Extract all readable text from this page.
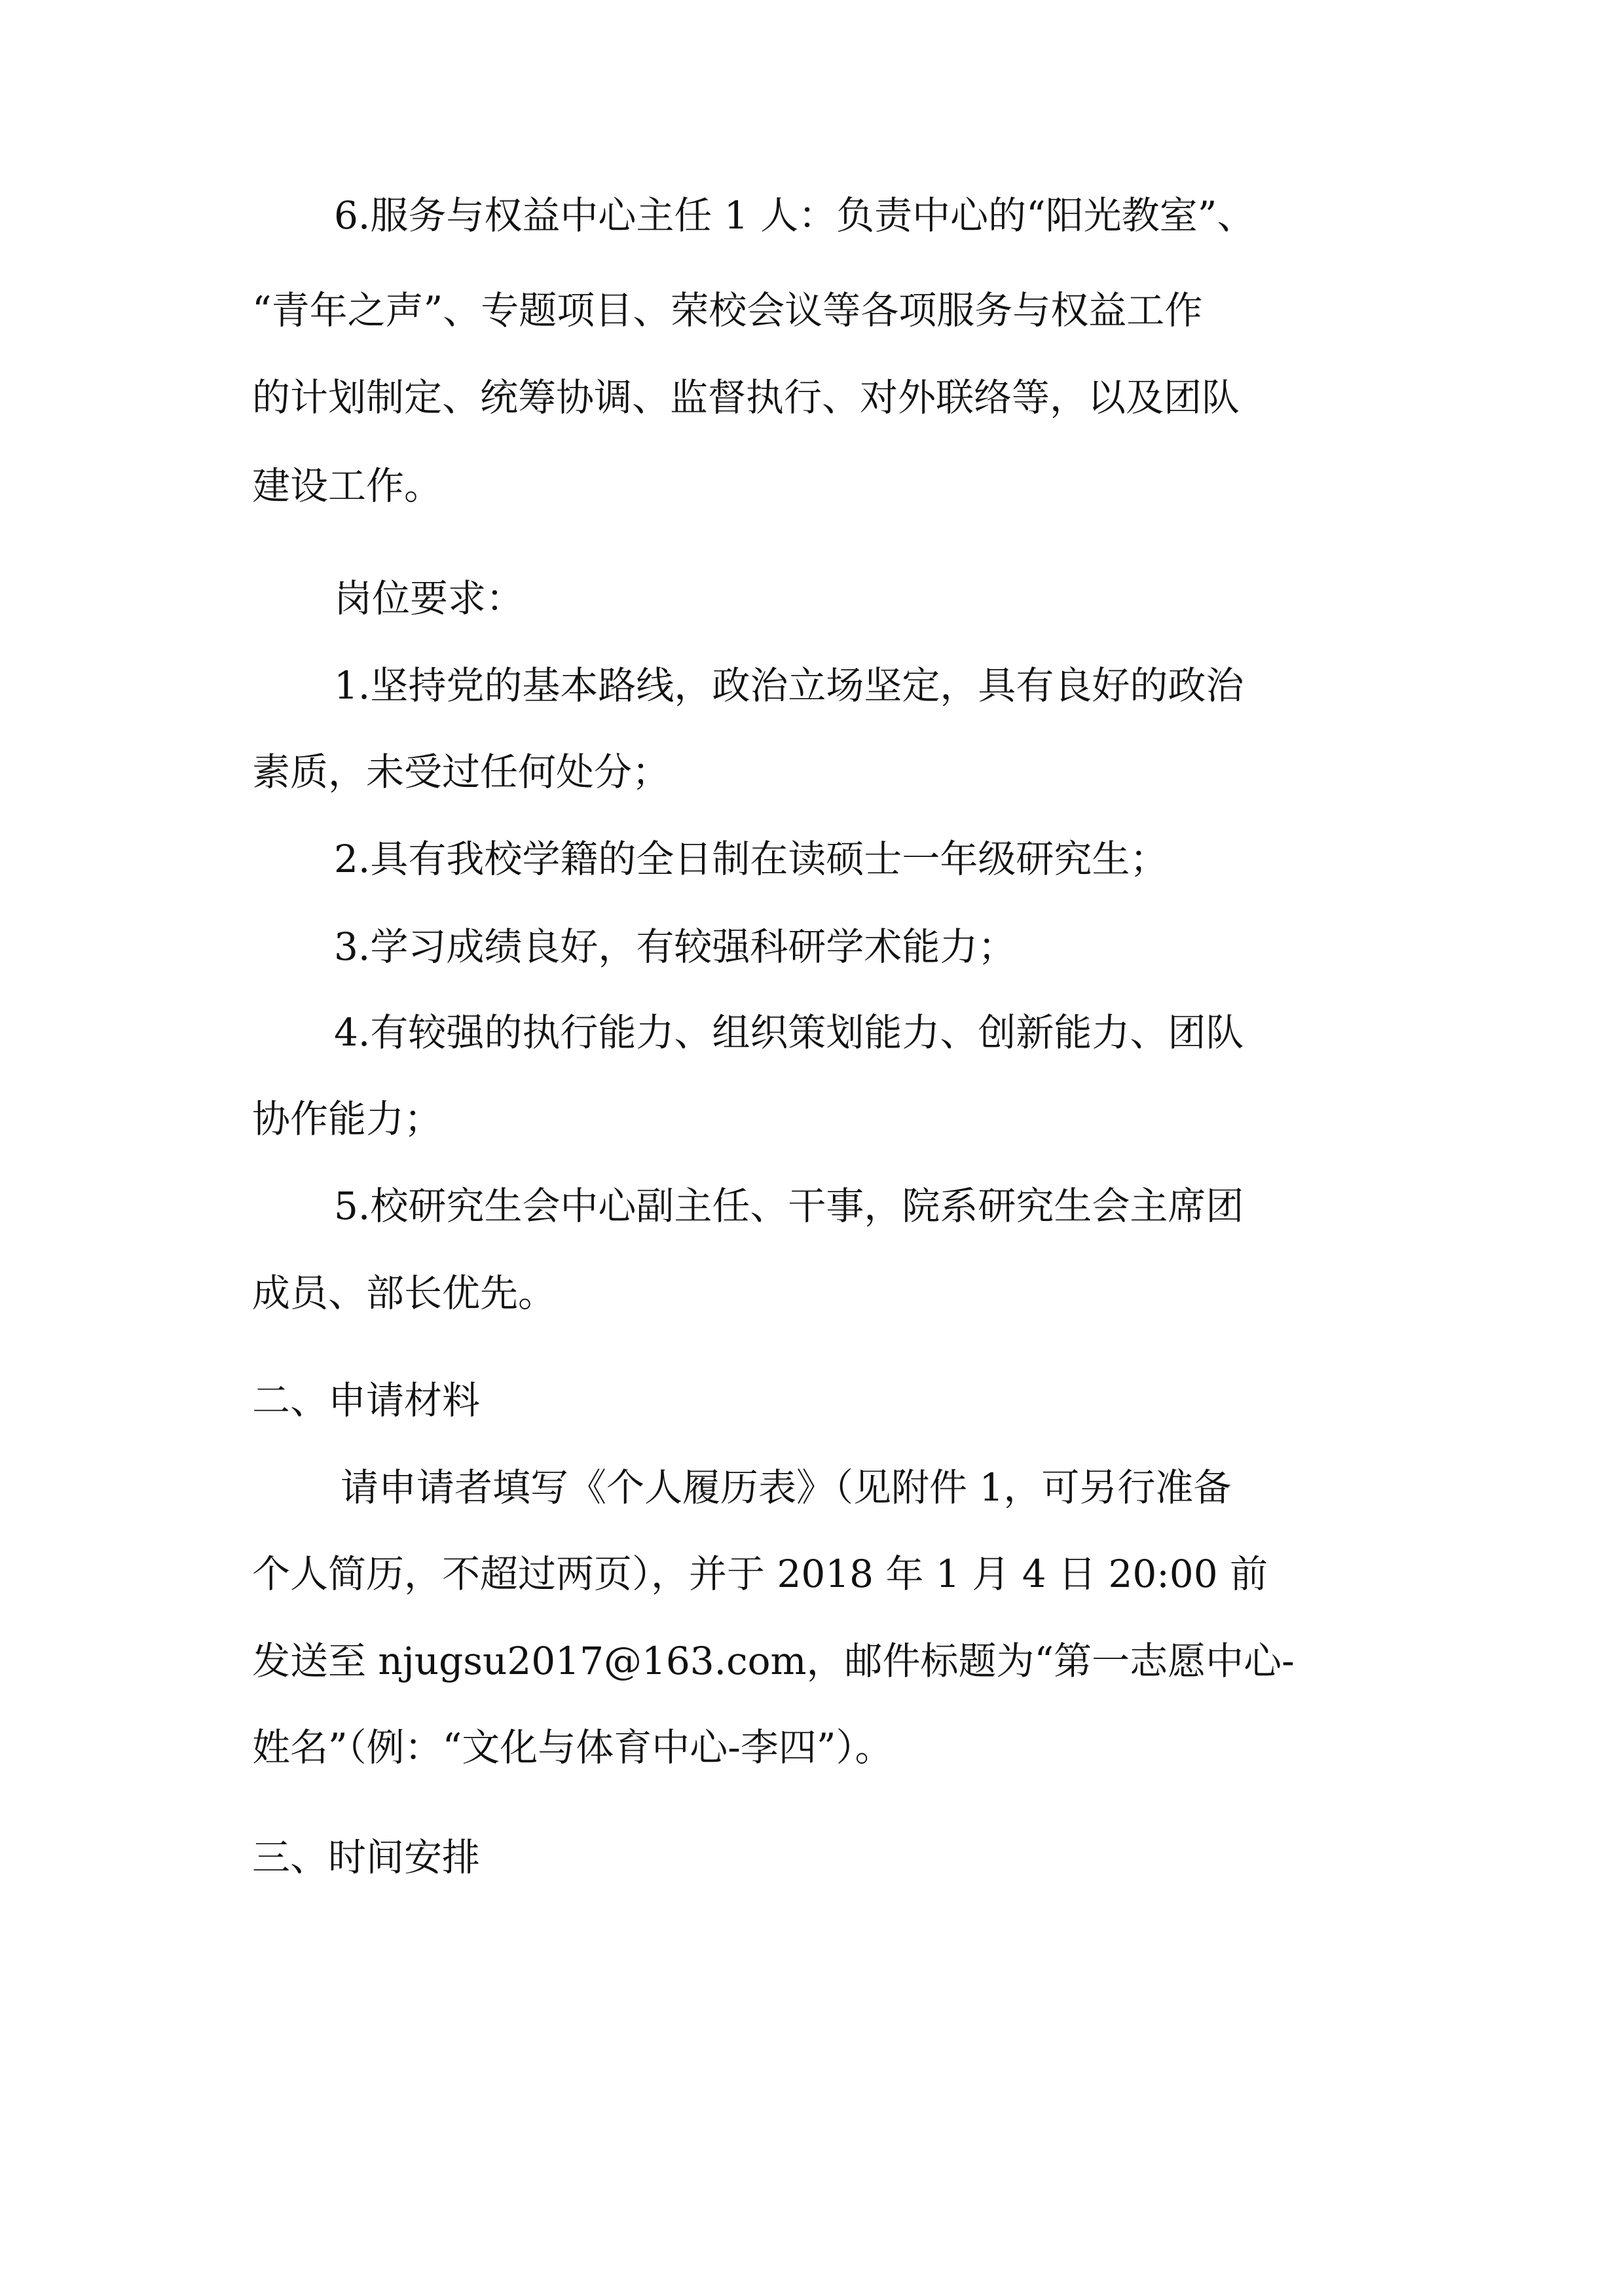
6.服务与权益中心主任 1 人：负责中心的“阳光教室”、
“青年之声”、专题项目、荣校会议等各项服务与权益工作
的计划制定、统筹协调、监督执行、对外联络等，以及团队
建设工作。
岗位要求：
1.坚持党的基本路线，政治立场坚定，具有良好的政治
素质，未受过任何处分；
2.具有我校学籍的全日制在读硕士一年级研究生；
3.学习成绩良好，有较强科研学术能力；
4.有较强的执行能力、组织策划能力、创新能力、团队
协作能力；
5.校研究生会中心副主任、干事，院系研究生会主席团
成员、部长优先。
二、申请材料
请申请者填写《个人履历表》（见附件 1，可另行准备
个人简历，不超过两页），并于 2018 年 1 月 4 日 20:00 前
发送至 njugsu2017@163.com，邮件标题为“第一志愿中心-
姓名”（例：“文化与体育中心-李四”）。
三、时间安排
